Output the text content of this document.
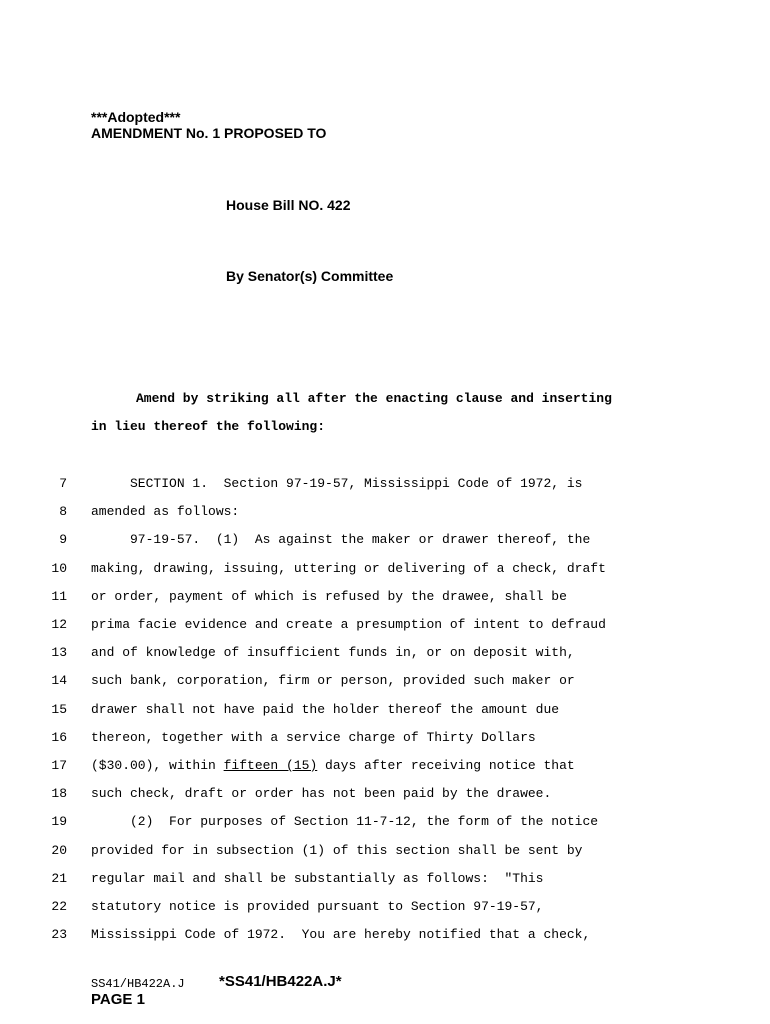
***Adopted***
AMENDMENT No. 1 PROPOSED TO
House Bill NO. 422
By Senator(s) Committee
Amend by striking all after the enacting clause and inserting
in lieu thereof the following:
7 SECTION 1.  Section 97-19-57, Mississippi Code of 1972, is
8 amended as follows:
9 97-19-57.  (1)  As against the maker or drawer thereof, the
10 making, drawing, issuing, uttering or delivering of a check, draft
11 or order, payment of which is refused by the drawee, shall be
12 prima facie evidence and create a presumption of intent to defraud
13 and of knowledge of insufficient funds in, or on deposit with,
14 such bank, corporation, firm or person, provided such maker or
15 drawer shall not have paid the holder thereof the amount due
16 thereon, together with a service charge of Thirty Dollars
17 ($30.00), within fifteen (15) days after receiving notice that
18 such check, draft or order has not been paid by the drawee.
19 (2)  For purposes of Section 11-7-12, the form of the notice
20 provided for in subsection (1) of this section shall be sent by
21 regular mail and shall be substantially as follows:  "This
22 statutory notice is provided pursuant to Section 97-19-57,
23 Mississippi Code of 1972.  You are hereby notified that a check,
SS41/HB422A.J *SS41/HB422A.J*
PAGE 1
